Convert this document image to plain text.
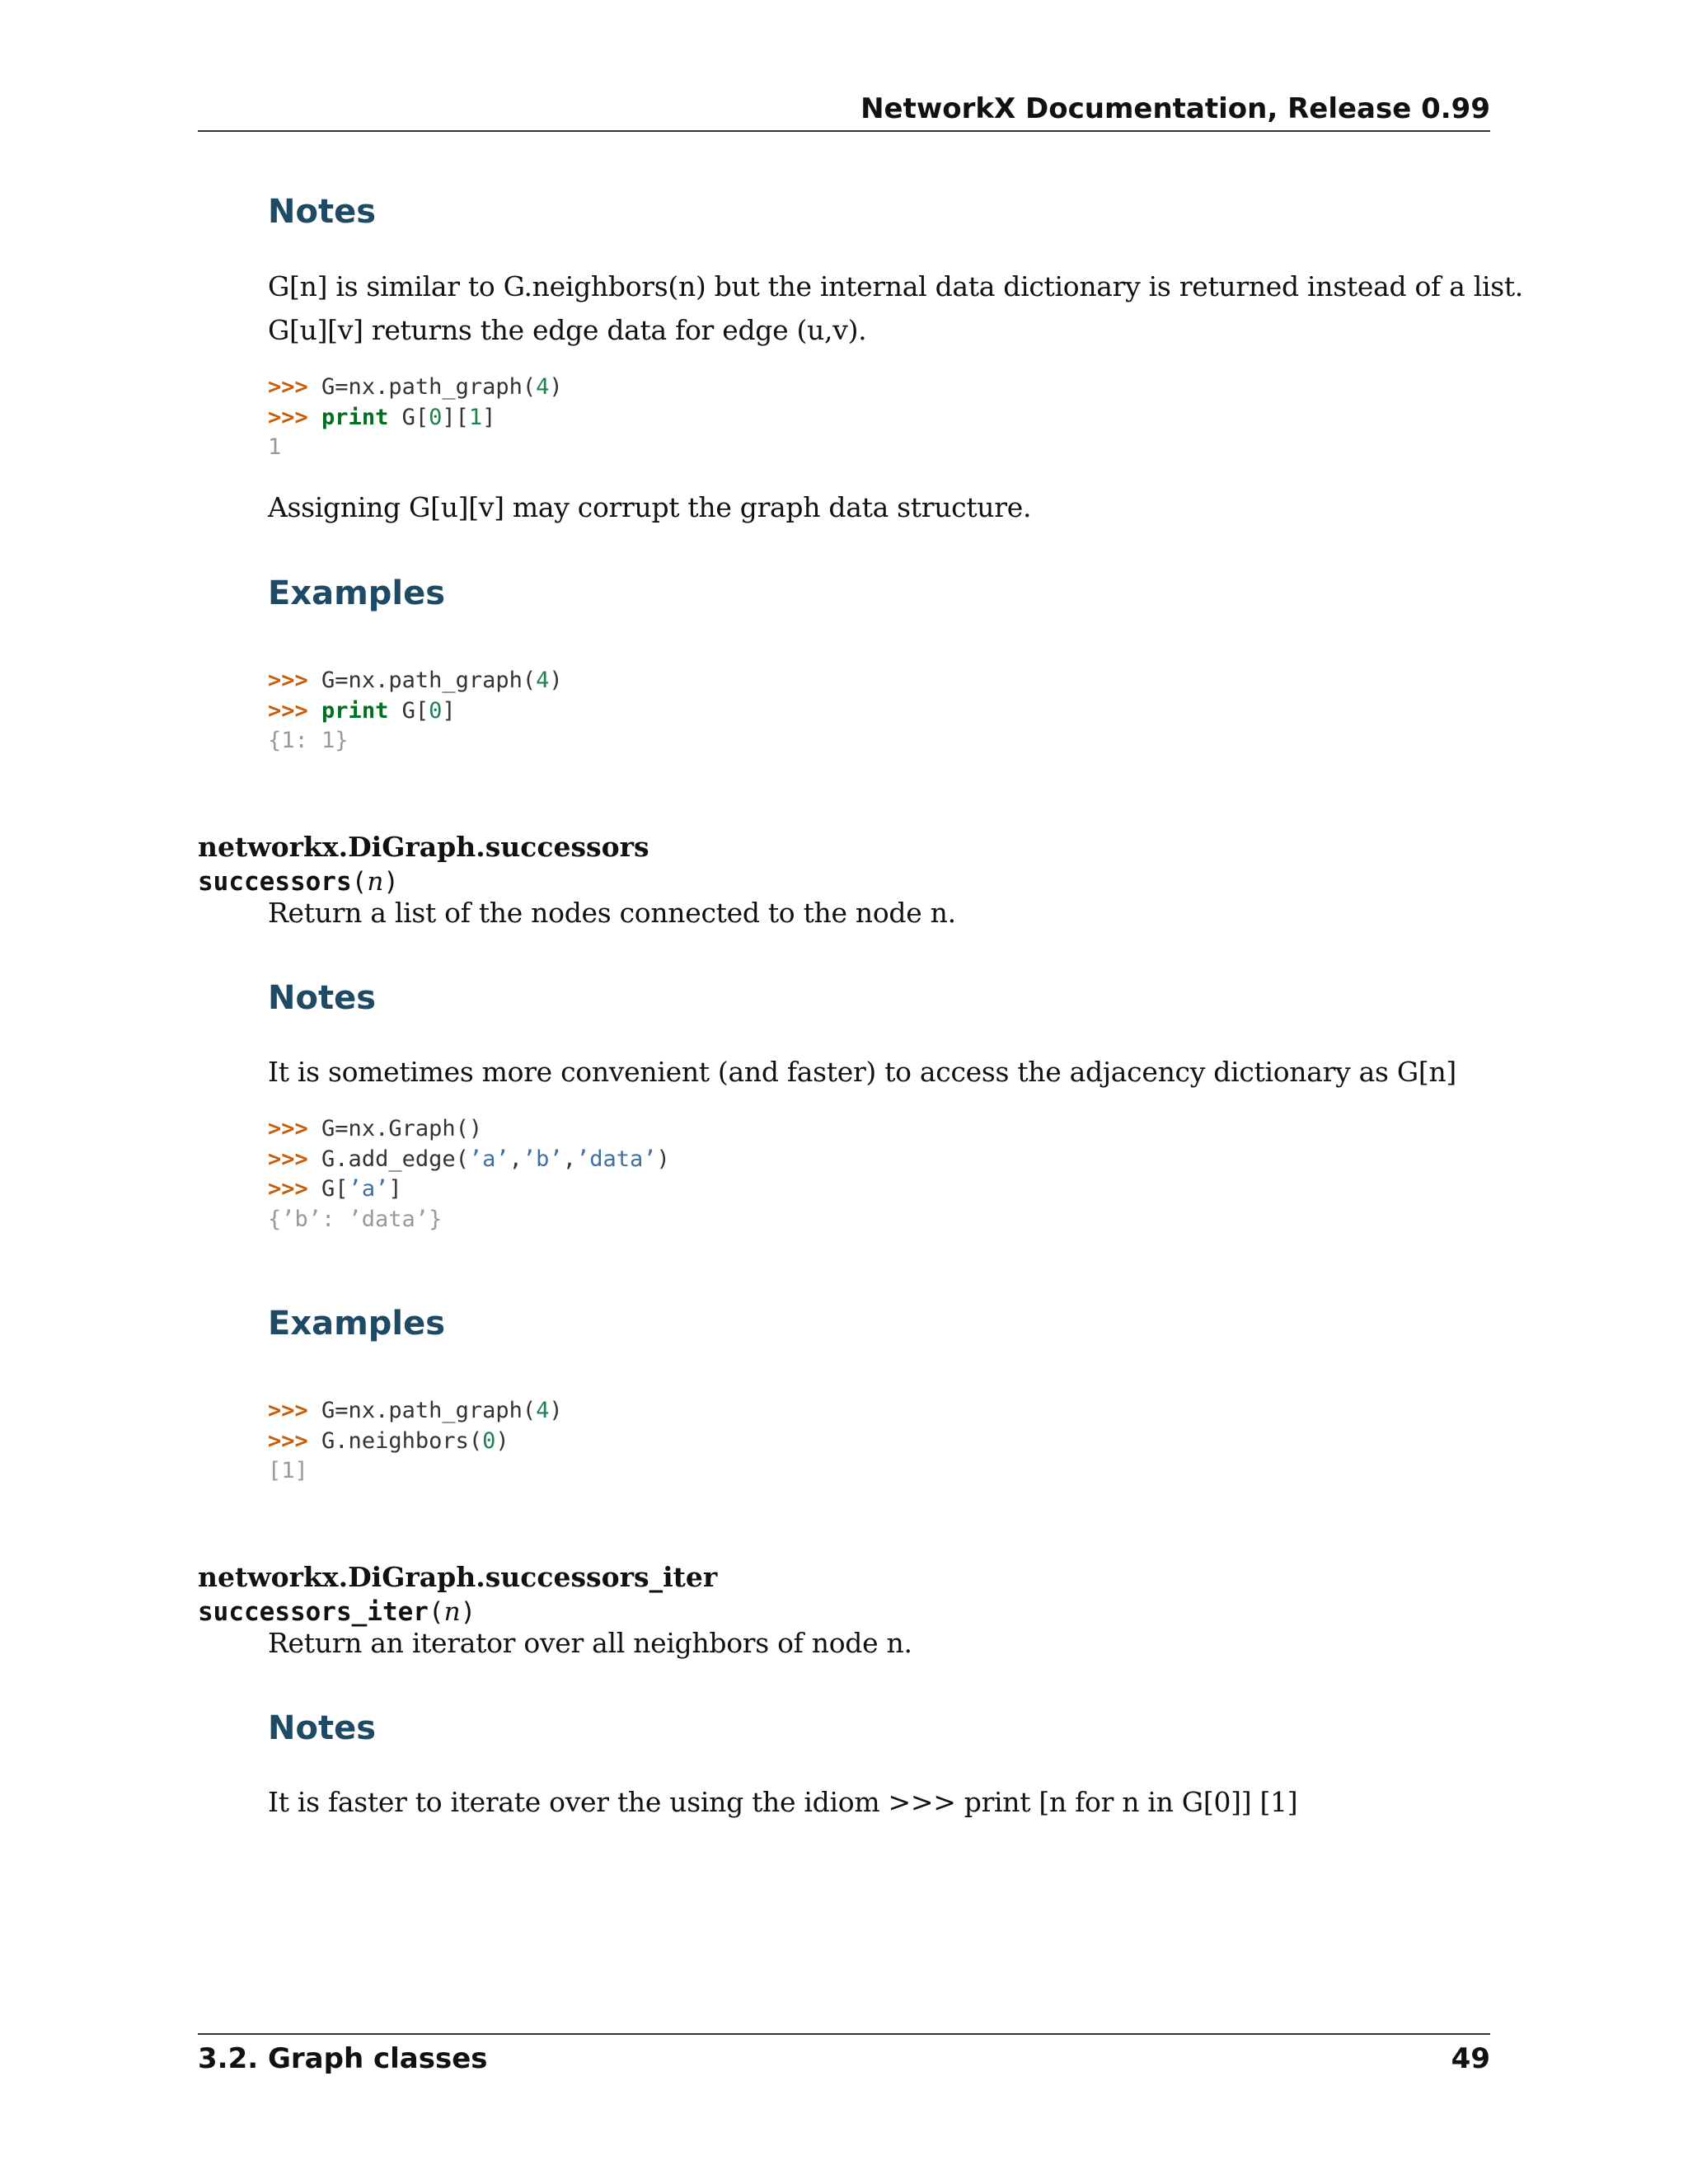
NetworkX Documentation, Release 0.99
Notes
G[n] is similar to G.neighbors(n) but the internal data dictionary is returned instead of a list.
G[u][v] returns the edge data for edge (u,v).
>>> G=nx.path_graph(4)
>>> print G[0][1]
1
Assigning G[u][v] may corrupt the graph data structure.
Examples
>>> G=nx.path_graph(4)
>>> print G[0]
{1: 1}
networkx.DiGraph.successors
successors(n)
Return a list of the nodes connected to the node n.
Notes
It is sometimes more convenient (and faster) to access the adjacency dictionary as G[n]
>>> G=nx.Graph()
>>> G.add_edge(’a’,’b’,’data’)
>>> G[’a’]
{’b’: ’data’}
Examples
>>> G=nx.path_graph(4)
>>> G.neighbors(0)
[1]
networkx.DiGraph.successors_iter
successors_iter(n)
Return an iterator over all neighbors of node n.
Notes
It is faster to iterate over the using the idiom >>> print [n for n in G[0]] [1]
3.2. Graph classes	49
